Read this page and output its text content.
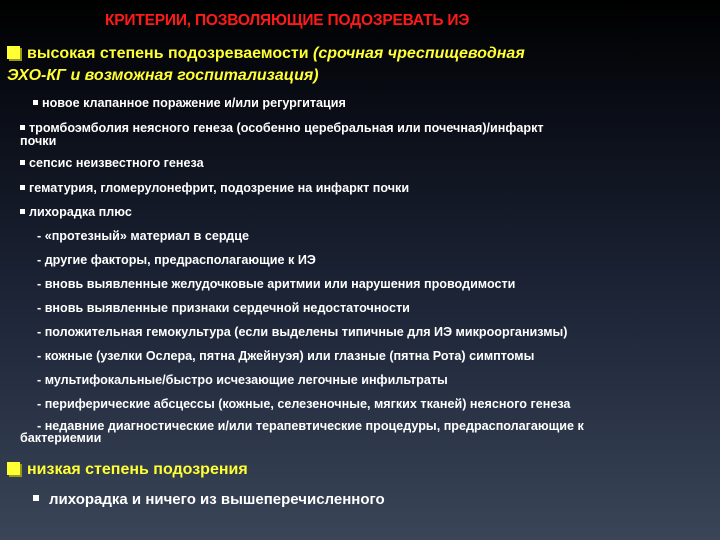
КРИТЕРИИ, ПОЗВОЛЯЮЩИЕ ПОДОЗРЕВАТЬ ИЭ
высокая степень подозреваемости (срочная чреспищеводная
ЭХО-КГ и возможная госпитализация)
новое клапанное поражение и/или регургитация
тромбоэмболия неясного генеза (особенно церебральная или почечная)/инфаркт
почки
сепсис неизвестного генеза
гематурия, гломерулонефрит, подозрение на инфаркт почки
лихорадка плюс
- «протезный» материал в сердце
- другие факторы, предрасполагающие к ИЭ
- вновь выявленные желудочковые аритмии или нарушения проводимости
- вновь выявленные признаки сердечной недостаточности
- положительная гемокультура (если выделены типичные для ИЭ микроорганизмы)
- кожные (узелки Ослера, пятна Джейнуэя) или глазные (пятна Рота) симптомы
- мультифокальные/быстро исчезающие легочные инфильтраты
- периферические абсцессы (кожные, селезеночные, мягких тканей) неясного генеза
- недавние диагностические и/или терапевтические процедуры, предрасполагающие к
бактериемии
низкая степень подозрения
лихорадка и ничего из вышеперечисленного
